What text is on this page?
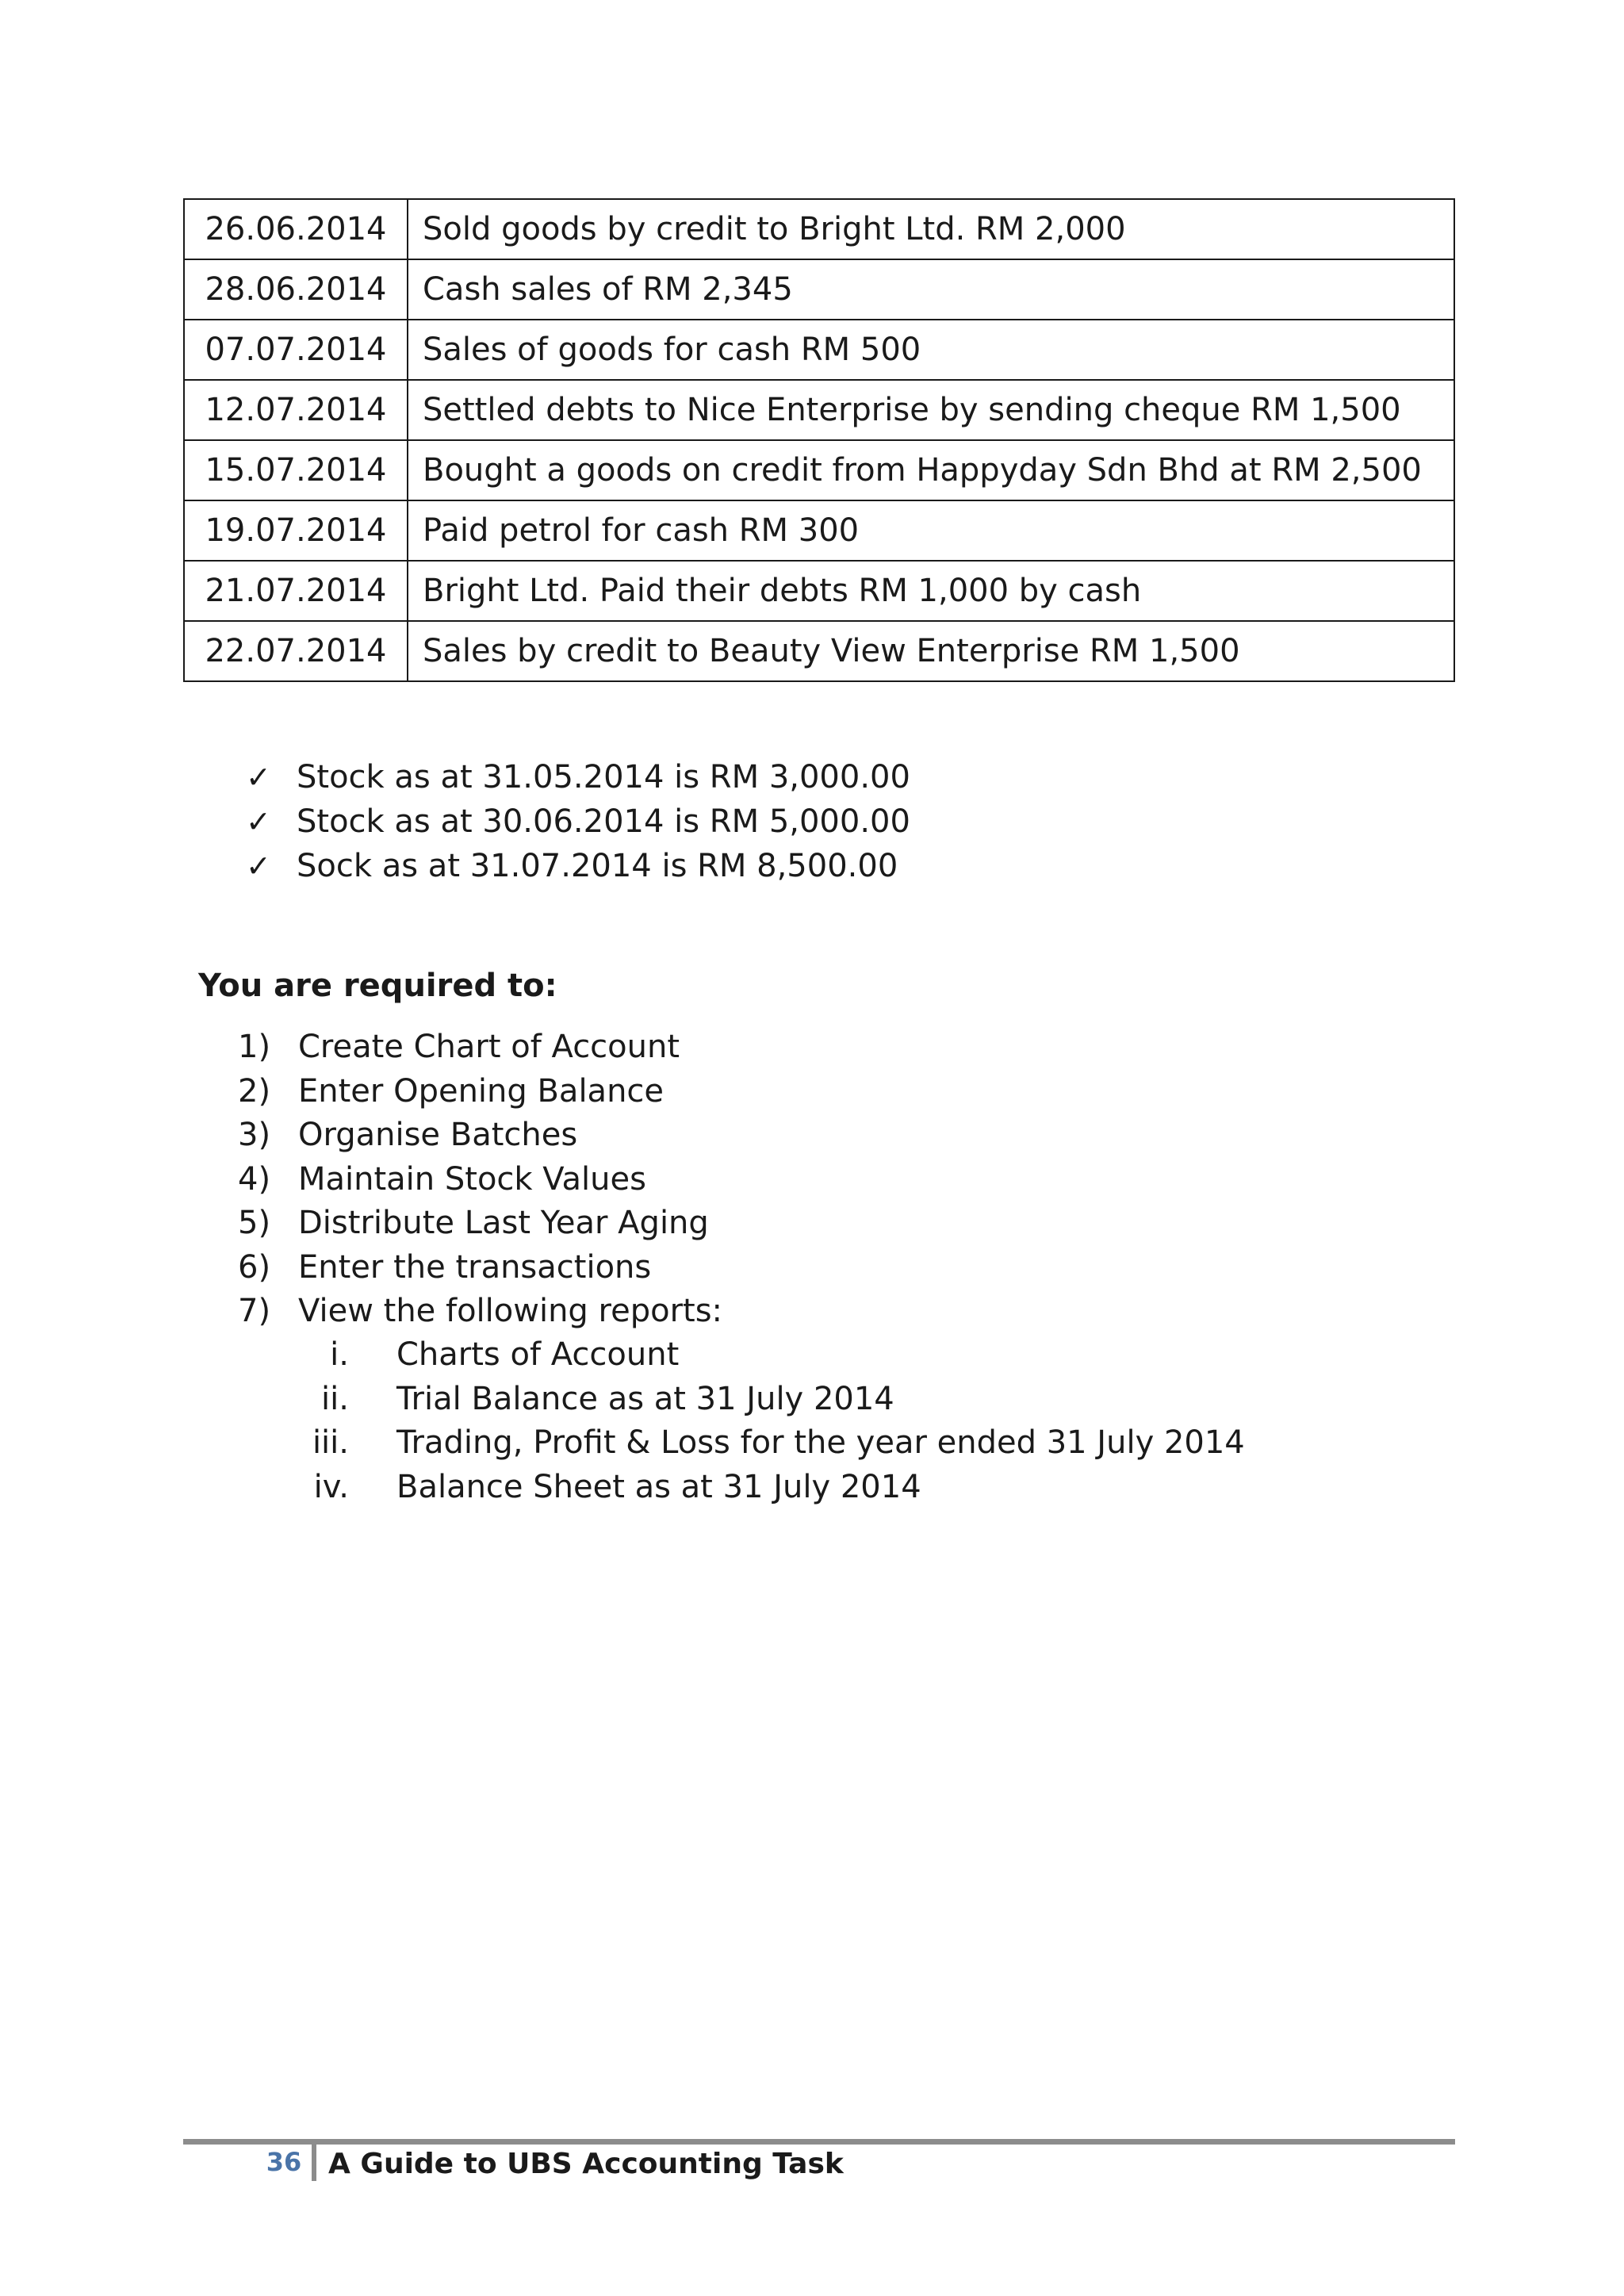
26.06.2014	Sold goods by credit to Bright Ltd. RM 2,000
28.06.2014	Cash sales of RM 2,345
07.07.2014	Sales of goods for cash RM 500
12.07.2014	Settled debts to Nice Enterprise by sending cheque RM 1,500
15.07.2014	Bought a goods on credit from Happyday Sdn Bhd at RM 2,500
19.07.2014	Paid petrol for cash RM 300
21.07.2014	Bright Ltd. Paid their debts RM 1,000 by cash
22.07.2014	Sales by credit to Beauty View Enterprise RM 1,500
✓ Stock as at 31.05.2014 is RM 3,000.00
✓ Stock as at 30.06.2014 is RM 5,000.00
✓ Sock as at 31.07.2014 is RM 8,500.00
You are required to:
1) Create Chart of Account
2) Enter Opening Balance
3) Organise Batches
4) Maintain Stock Values
5) Distribute Last Year Aging
6) Enter the transactions
7) View the following reports:
i. Charts of Account
ii. Trial Balance as at 31 July 2014
iii. Trading, Profit & Loss for the year ended 31 July 2014
iv. Balance Sheet as at 31 July 2014
36 A Guide to UBS Accounting Task
